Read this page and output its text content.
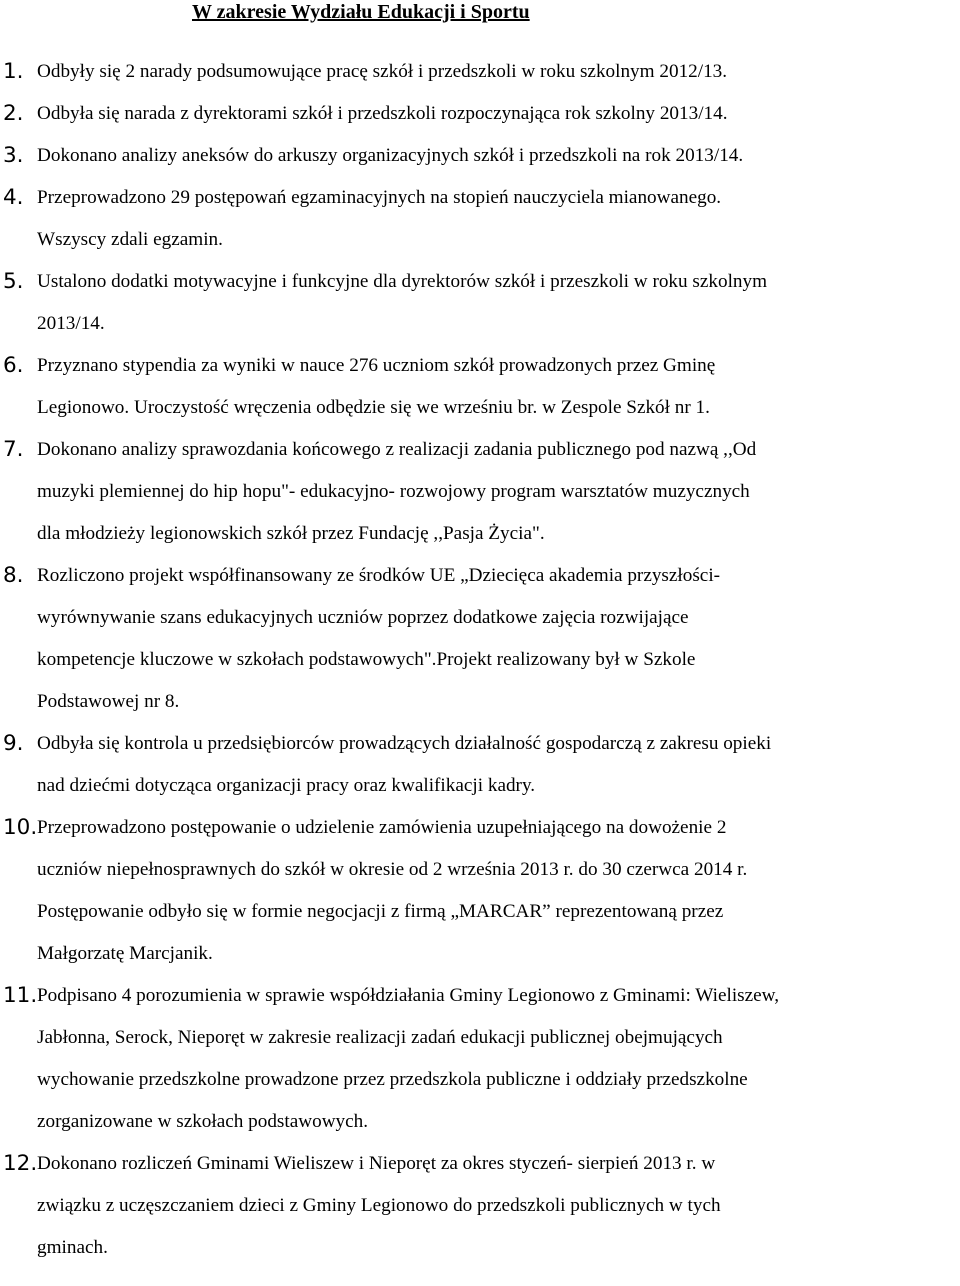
W zakresie Wydziału Edukacji i Sportu
1. Odbyły się 2 narady podsumowujące pracę szkół i przedszkoli w roku szkolnym 2012/13.
2. Odbyła się narada z dyrektorami szkół i przedszkoli rozpoczynająca rok szkolny 2013/14.
3. Dokonano analizy aneksów do arkuszy organizacyjnych szkół i przedszkoli na rok 2013/14.
4. Przeprowadzono 29 postępowań egzaminacyjnych na stopień nauczyciela mianowanego.
Wszyscy zdali egzamin.
5. Ustalono dodatki motywacyjne i funkcyjne dla dyrektorów szkół i przeszkoli w roku szkolnym
2013/14.
6. Przyznano stypendia za wyniki w nauce 276 uczniom szkół prowadzonych przez Gminę
Legionowo. Uroczystość wręczenia odbędzie się we wrześniu br. w Zespole Szkół nr 1.
7. Dokonano analizy sprawozdania końcowego z realizacji zadania publicznego pod nazwą ,,Od
muzyki plemiennej do hip hopu"- edukacyjno- rozwojowy program warsztatów muzycznych
dla młodzieży legionowskich szkół przez Fundację ,,Pasja Życia".
8. Rozliczono projekt współfinansowany ze środków UE „Dziecięca akademia przyszłości-
wyrównywanie szans edukacyjnych uczniów poprzez dodatkowe zajęcia rozwijające
kompetencje kluczowe w szkołach podstawowych".Projekt realizowany był w Szkole
Podstawowej nr 8.
9. Odbyła się kontrola u przedsiębiorców prowadzących działalność gospodarczą z zakresu opieki
nad dziećmi dotycząca organizacji pracy oraz kwalifikacji kadry.
10. Przeprowadzono postępowanie o udzielenie zamówienia uzupełniającego na dowożenie 2
uczniów niepełnosprawnych do szkół w okresie od 2 września 2013 r. do 30 czerwca 2014 r.
Postępowanie odbyło się w formie negocjacji z firmą „MARCAR” reprezentowaną przez
Małgorzatę Marcjanik.
11. Podpisano 4 porozumienia w sprawie współdziałania Gminy Legionowo z Gminami: Wieliszew,
Jabłonna, Serock, Nieporęt w zakresie realizacji zadań edukacji publicznej obejmujących
wychowanie przedszkolne prowadzone przez przedszkola publiczne i oddziały przedszkolne
zorganizowane w szkołach podstawowych.
12. Dokonano rozliczeń Gminami Wieliszew i Nieporęt za okres styczeń- sierpień 2013 r. w
związku z uczęszczaniem dzieci z Gminy Legionowo do przedszkoli publicznych w tych
gminach.
